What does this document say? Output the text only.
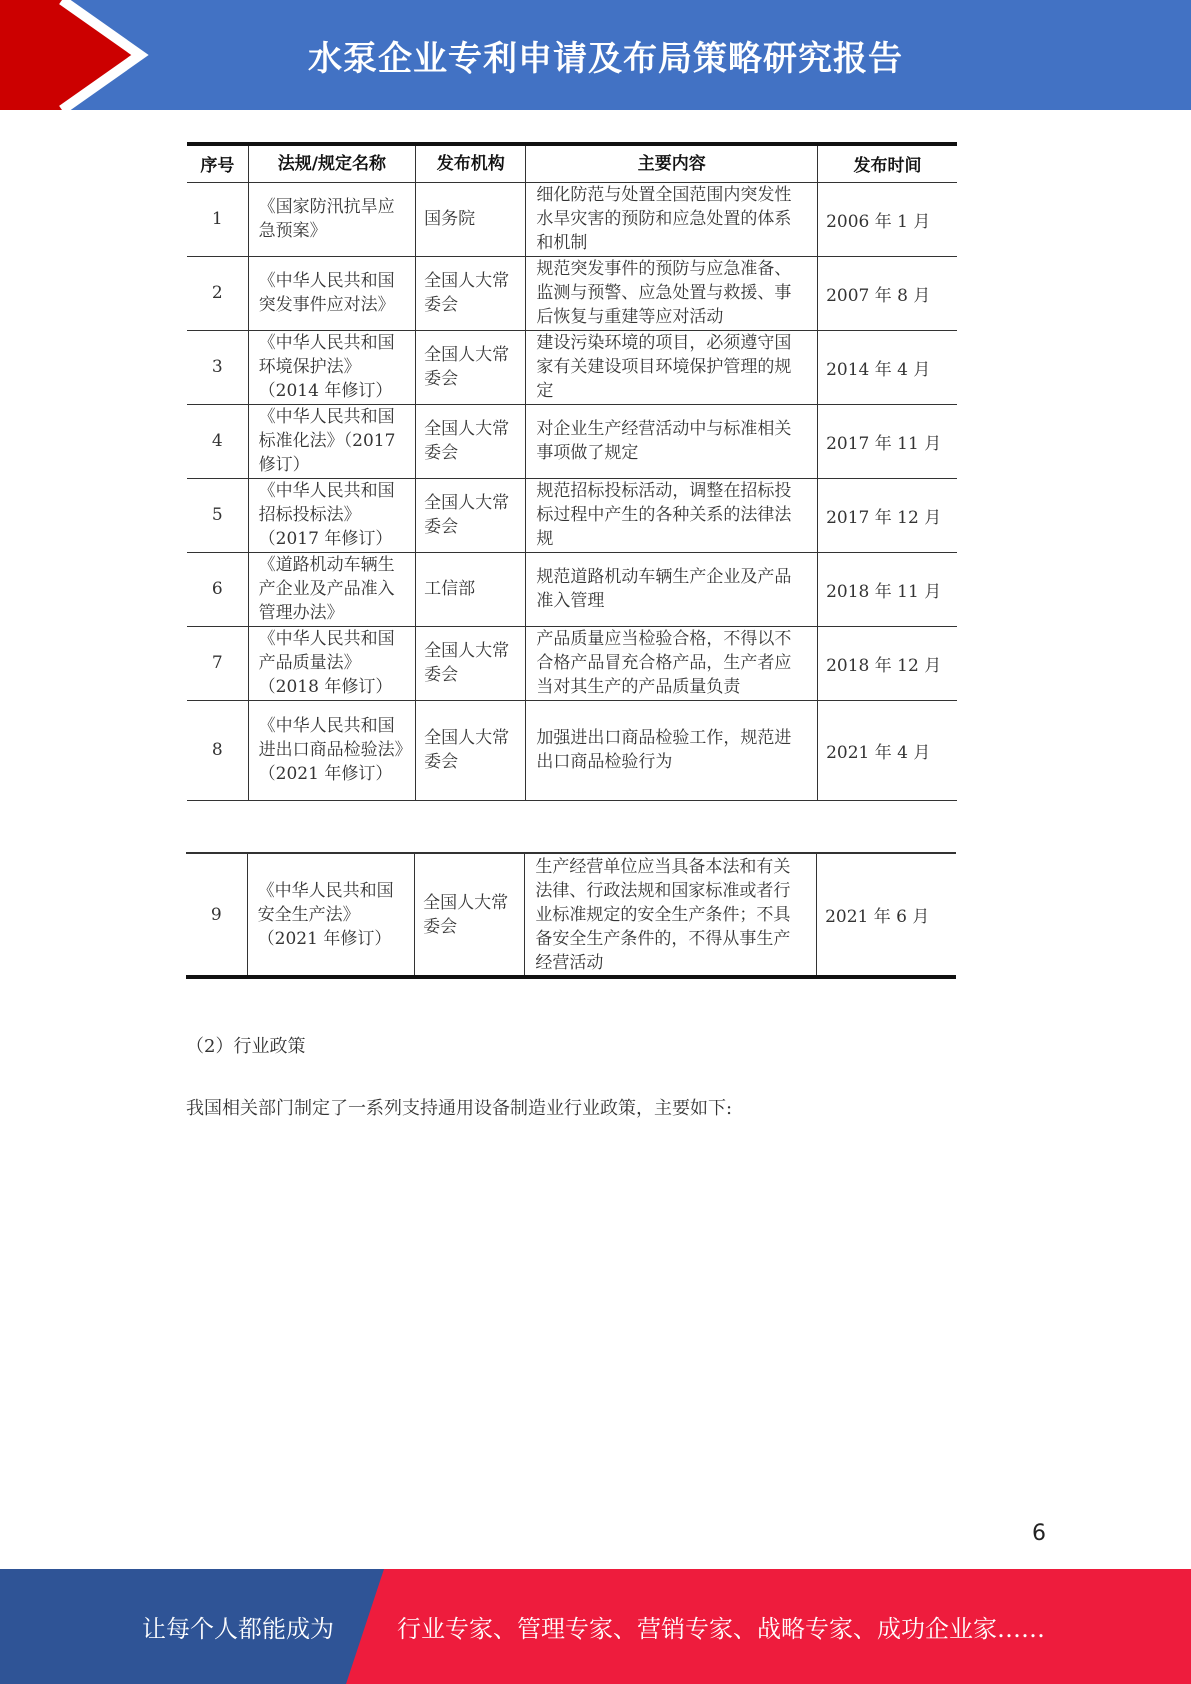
水泵企业专利申请及布局策略研究报告
序号	法规/规定名称	发布机构	主要内容	发布时间
1	《国家防汛抗旱应急预案》	国务院	细化防范与处置全国范围内突发性水旱灾害的预防和应急处置的体系和机制	2006 年 1 月
2	《中华人民共和国突发事件应对法》	全国人大常委会	规范突发事件的预防与应急准备、监测与预警、应急处置与救援、事后恢复与重建等应对活动	2007 年 8 月
3	《中华人民共和国环境保护法》（2014 年修订）	全国人大常委会	建设污染环境的项目，必须遵守国家有关建设项目环境保护管理的规定	2014 年 4 月
4	《中华人民共和国标准化法》（2017 修订）	全国人大常委会	对企业生产经营活动中与标准相关事项做了规定	2017 年 11 月
5	《中华人民共和国招标投标法》（2017 年修订）	全国人大常委会	规范招标投标活动，调整在招标投标过程中产生的各种关系的法律法规	2017 年 12 月
6	《道路机动车辆生产企业及产品准入管理办法》	工信部	规范道路机动车辆生产企业及产品准入管理	2018 年 11 月
7	《中华人民共和国产品质量法》（2018 年修订）	全国人大常委会	产品质量应当检验合格，不得以不合格产品冒充合格产品，生产者应当对其生产的产品质量负责	2018 年 12 月
8	《中华人民共和国进出口商品检验法》（2021 年修订）	全国人大常委会	加强进出口商品检验工作，规范进出口商品检验行为	2021 年 4 月
9	《中华人民共和国安全生产法》（2021 年修订）	全国人大常委会	生产经营单位应当具备本法和有关法律、行政法规和国家标准或者行业标准规定的安全生产条件；不具备安全生产条件的，不得从事生产经营活动	2021 年 6 月
（2）行业政策
我国相关部门制定了一系列支持通用设备制造业行业政策，主要如下:
6
让每个人都能成为	行业专家、管理专家、营销专家、战略专家、成功企业家……
